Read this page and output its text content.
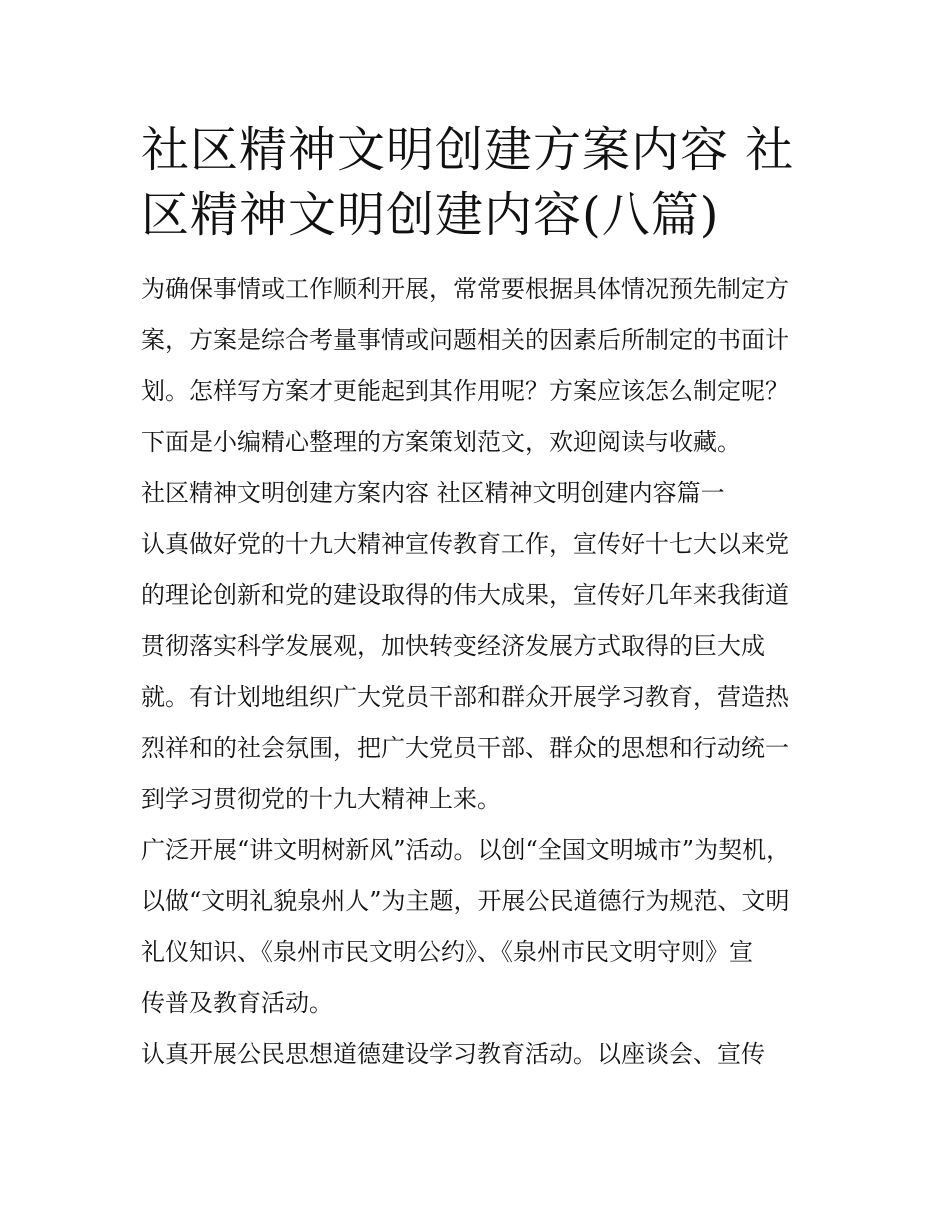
社区精神文明创建方案内容 社
区精神文明创建内容(八篇)

为确保事情或工作顺利开展，常常要根据具体情况预先制定方
案，方案是综合考量事情或问题相关的因素后所制定的书面计
划。怎样写方案才更能起到其作用呢？方案应该怎么制定呢？
下面是小编精心整理的方案策划范文，欢迎阅读与收藏。

社区精神文明创建方案内容 社区精神文明创建内容篇一

认真做好党的十九大精神宣传教育工作，宣传好十七大以来党
的理论创新和党的建设取得的伟大成果，宣传好几年来我街道
贯彻落实科学发展观，加快转变经济发展方式取得的巨大成
就。有计划地组织广大党员干部和群众开展学习教育，营造热
烈祥和的社会氛围，把广大党员干部、群众的思想和行动统一
到学习贯彻党的十九大精神上来。

广泛开展“讲文明树新风”活动。以创“全国文明城市”为契机，
以做“文明礼貌泉州人”为主题，开展公民道德行为规范、文明
礼仪知识、《泉州市民文明公约》、《泉州市民文明守则》宣
传普及教育活动。

认真开展公民思想道德建设学习教育活动。以座谈会、宣传
